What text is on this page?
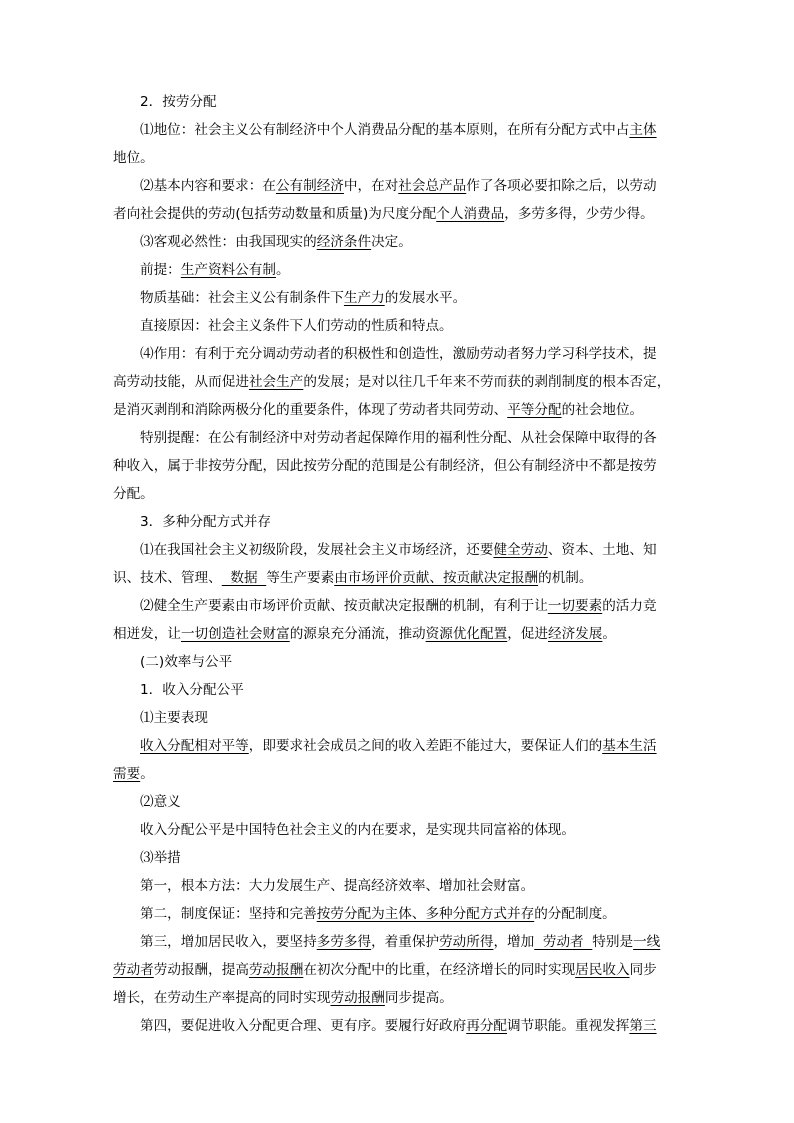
2．按劳分配
⑴地位：社会主义公有制经济中个人消费品分配的基本原则，在所有分配方式中占主体
地位。
⑵基本内容和要求：在公有制经济中，在对社会总产品作了各项必要扣除之后，以劳动
者向社会提供的劳动(包括劳动数量和质量)为尺度分配个人消费品，多劳多得，少劳少得。
⑶客观必然性：由我国现实的经济条件决定。
前提：生产资料公有制。
物质基础：社会主义公有制条件下生产力的发展水平。
直接原因：社会主义条件下人们劳动的性质和特点。
⑷作用：有利于充分调动劳动者的积极性和创造性，激励劳动者努力学习科学技术，提
高劳动技能，从而促进社会生产的发展；是对以往几千年来不劳而获的剥削制度的根本否定，
是消灭剥削和消除两极分化的重要条件，体现了劳动者共同劳动、平等分配的社会地位。
特别提醒：在公有制经济中对劳动者起保障作用的福利性分配、从社会保障中取得的各
种收入，属于非按劳分配，因此按劳分配的范围是公有制经济，但公有制经济中不都是按劳
分配。
3．多种分配方式并存
⑴在我国社会主义初级阶段，发展社会主义市场经济，还要健全劳动、资本、土地、知
识、技术、管理、  数据  等生产要素由市场评价贡献、按贡献决定报酬的机制。
⑵健全生产要素由市场评价贡献、按贡献决定报酬的机制，有利于让一切要素的活力竞
相迸发，让一切创造社会财富的源泉充分涌流，推动资源优化配置，促进经济发展。
(二)效率与公平
1．收入分配公平
⑴主要表现
收入分配相对平等，即要求社会成员之间的收入差距不能过大，要保证人们的基本生活
需要。
⑵意义
收入分配公平是中国特色社会主义的内在要求，是实现共同富裕的体现。
⑶举措
第一，根本方法：大力发展生产、提高经济效率、增加社会财富。
第二，制度保证：坚持和完善按劳分配为主体、多种分配方式并存的分配制度。
第三，增加居民收入，要坚持多劳多得，着重保护劳动所得，增加  劳动者  特别是一线
劳动者劳动报酬，提高劳动报酬在初次分配中的比重，在经济增长的同时实现居民收入同步
增长，在劳动生产率提高的同时实现劳动报酬同步提高。
第四，要促进收入分配更合理、更有序。要履行好政府再分配调节职能。重视发挥第三
